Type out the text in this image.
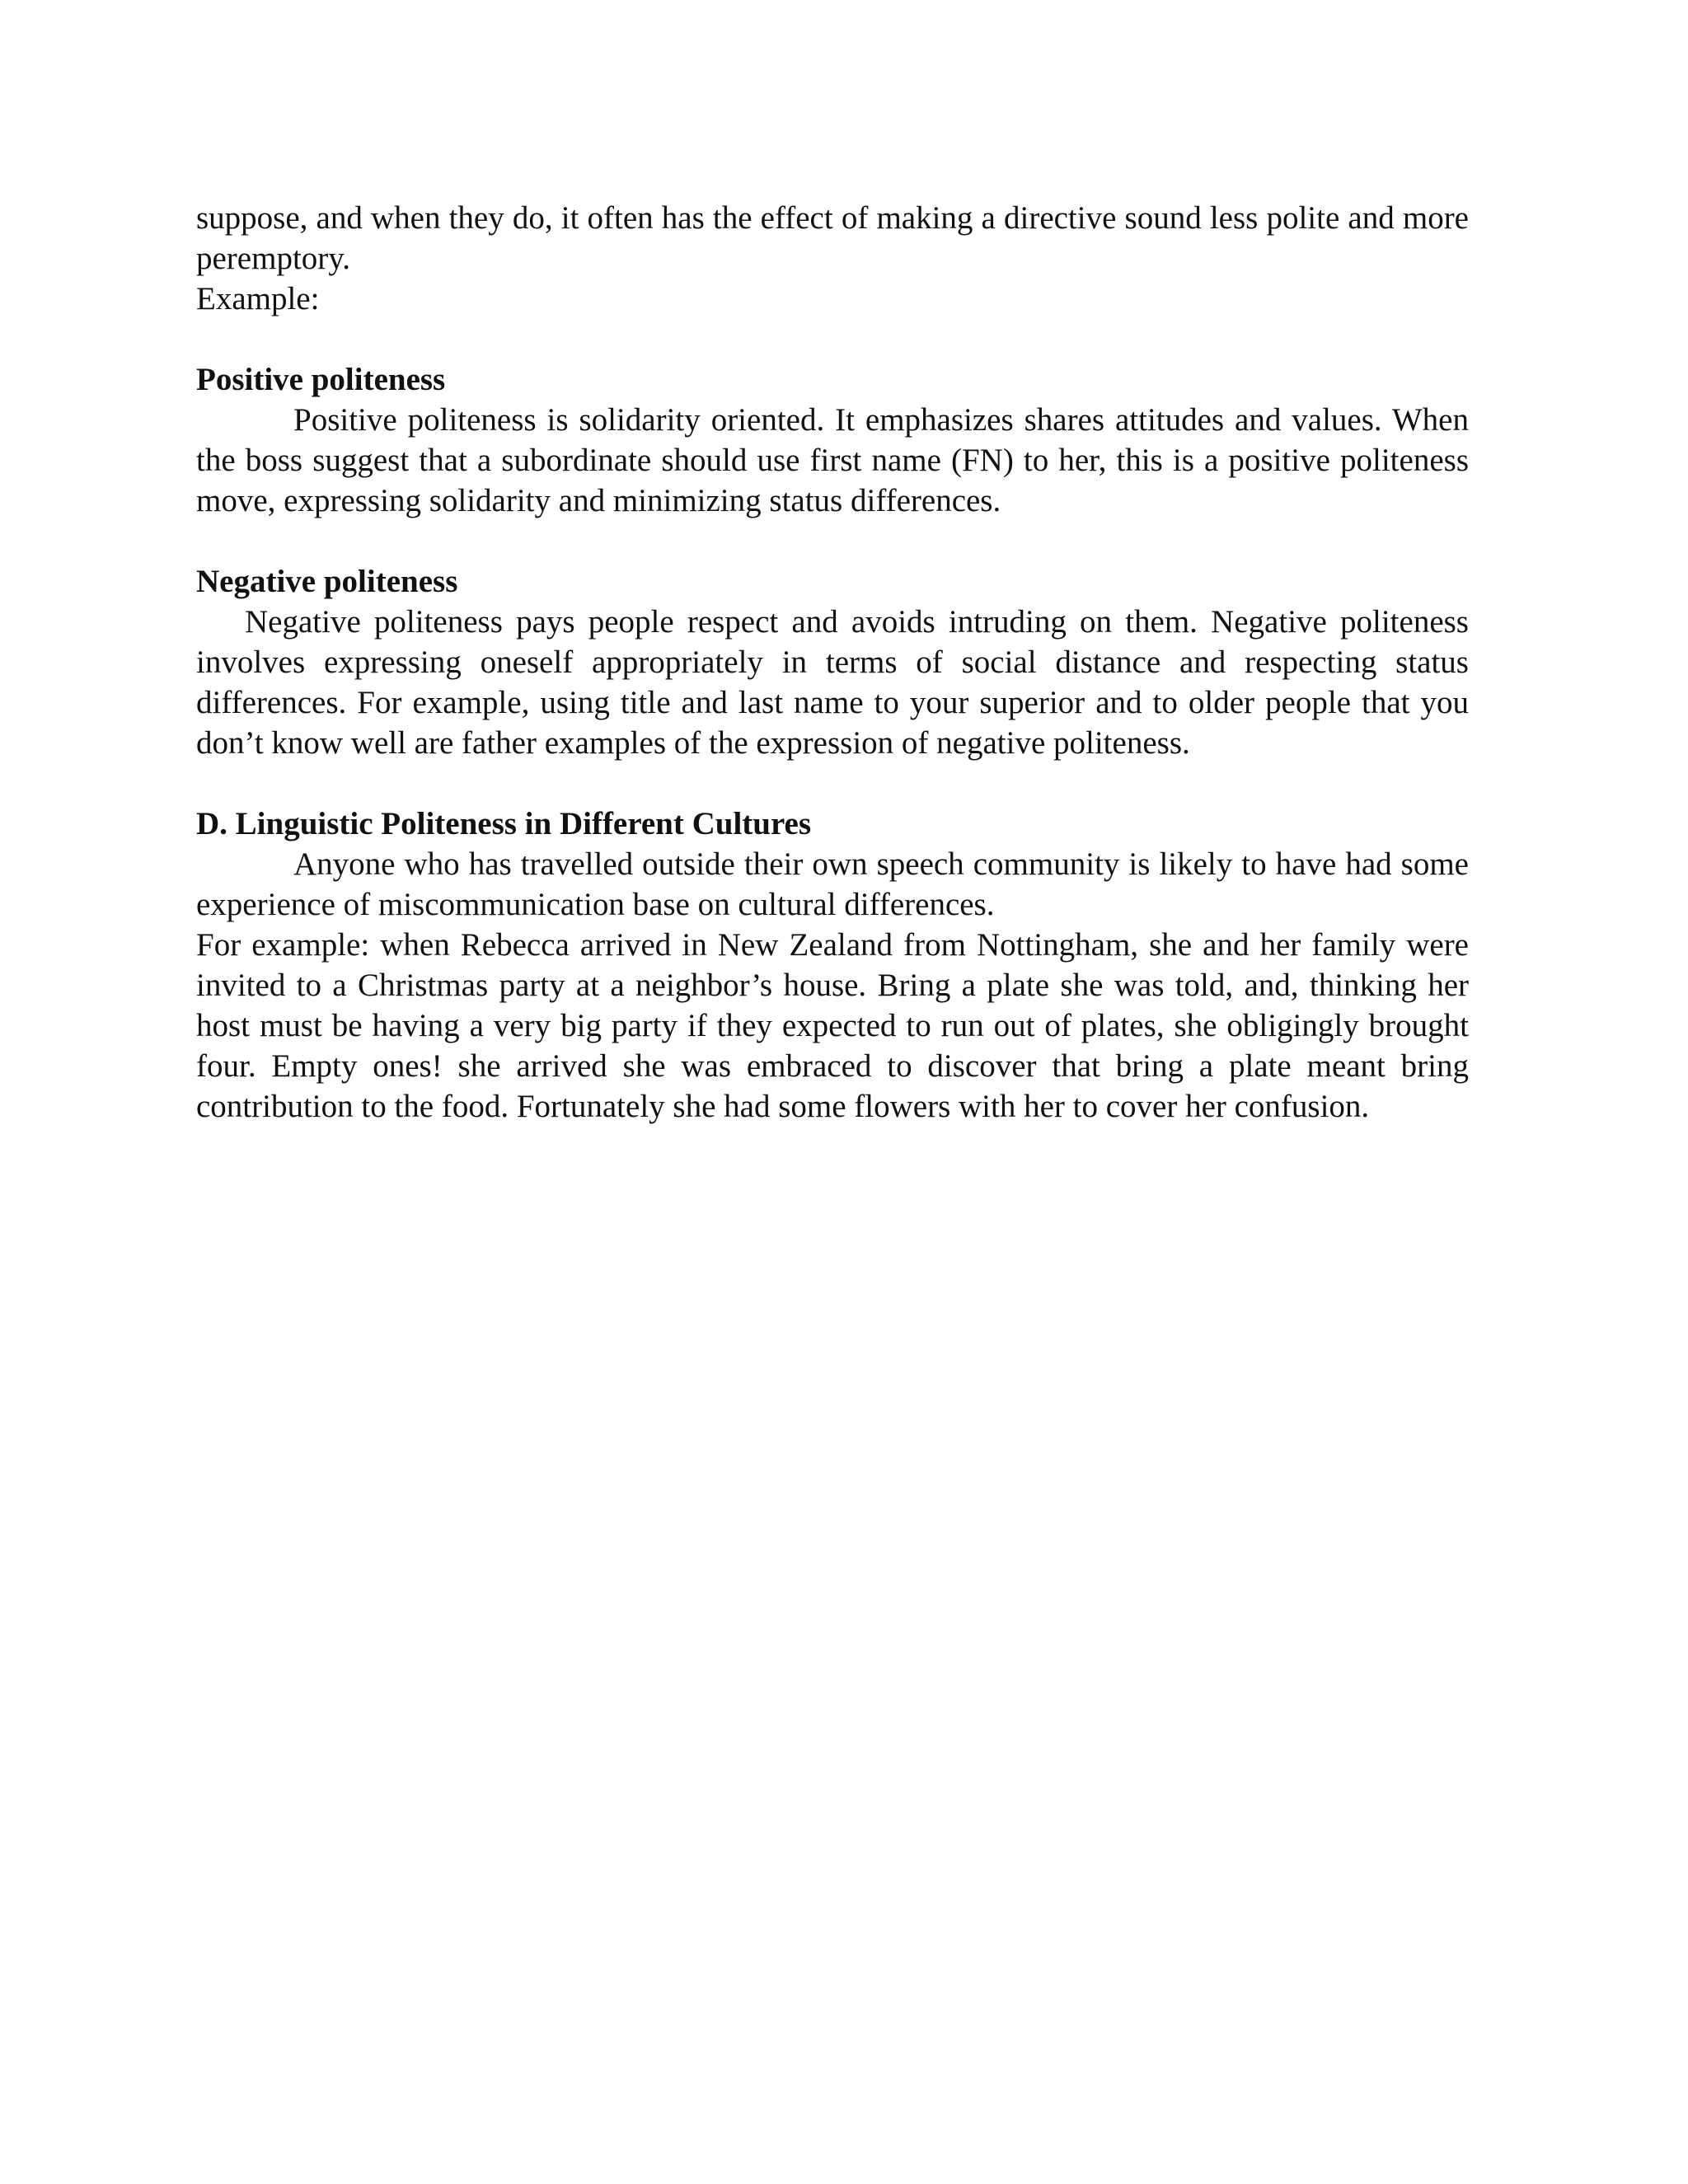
suppose, and when they do, it often has the effect of making a directive sound less polite and more peremptory.

Example:

Positive politeness

Positive politeness is solidarity oriented. It emphasizes shares attitudes and values. When the boss suggest that a subordinate should use first name (FN) to her, this is a positive politeness move, expressing solidarity and minimizing status differences.

Negative politeness

Negative politeness pays people respect and avoids intruding on them. Negative politeness involves expressing oneself appropriately in terms of social distance and respecting status differences. For example, using title and last name to your superior and to older people that you don’t know well are father examples of the expression of negative politeness.

D. Linguistic Politeness in Different Cultures

Anyone who has travelled outside their own speech community is likely to have had some experience of miscommunication base on cultural differences.

For example: when Rebecca arrived in New Zealand from Nottingham, she and her family were invited to a Christmas party at a neighbor’s house. Bring a plate she was told, and, thinking her host must be having a very big party if they expected to run out of plates, she obligingly brought four. Empty ones! she arrived she was embraced to discover that bring a plate meant bring contribution to the food. Fortunately she had some flowers with her to cover her confusion.
